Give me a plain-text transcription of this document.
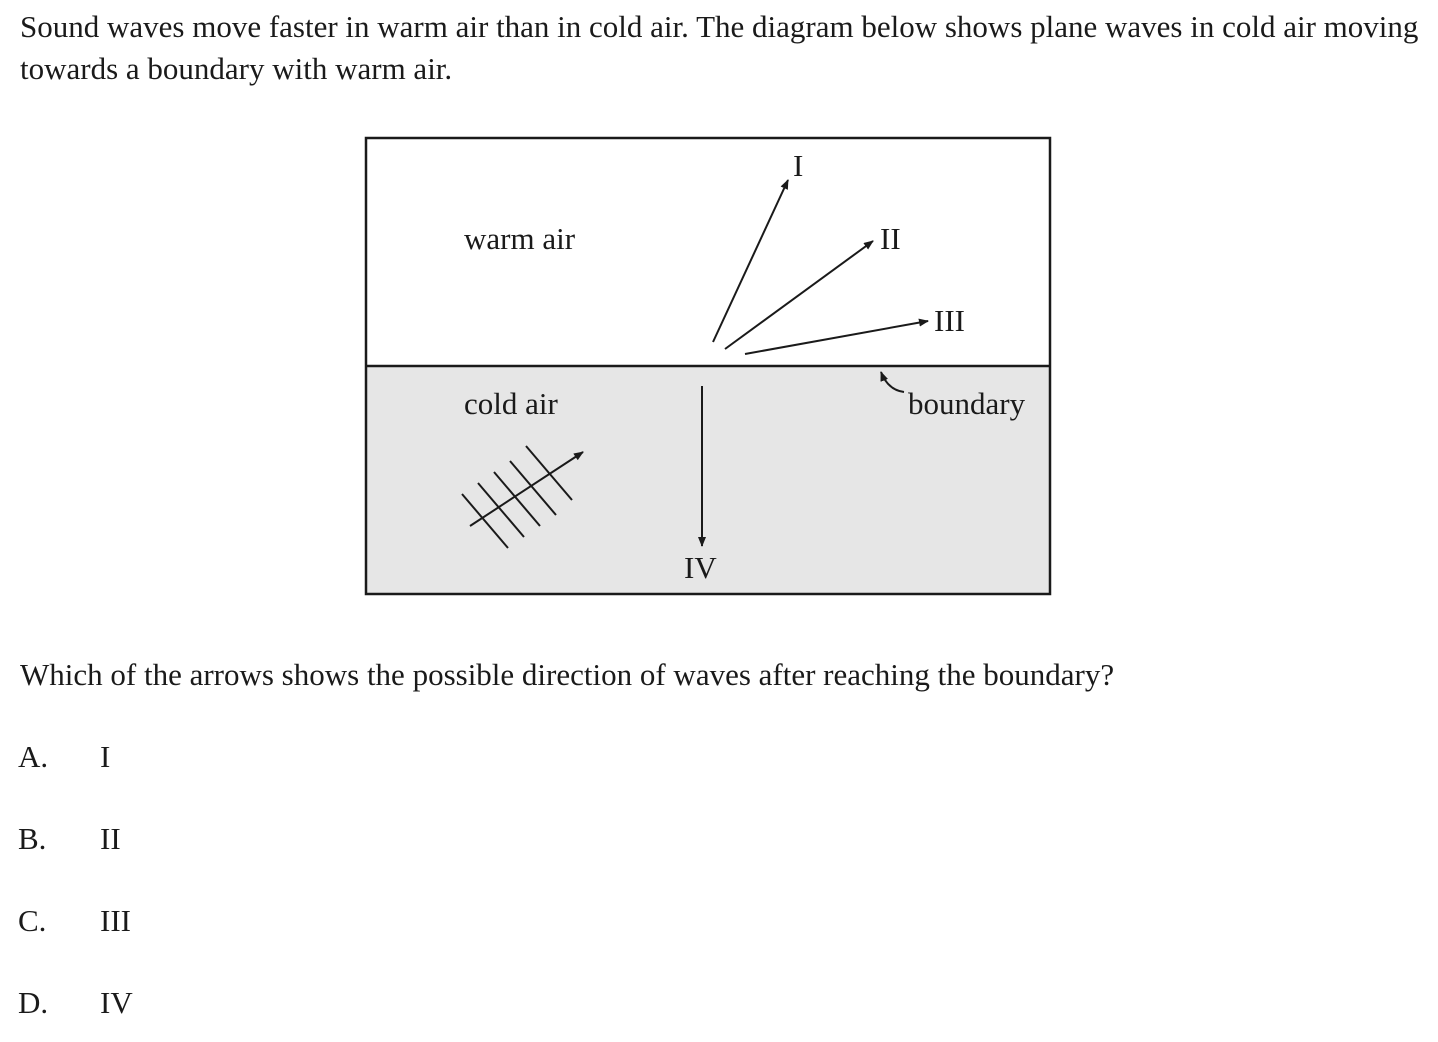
Sound waves move faster in warm air than in cold air. The diagram below shows plane waves in cold air moving towards a boundary with warm air.

warm air
cold air
I
II
III
IV
boundary

Which of the arrows shows the possible direction of waves after reaching the boundary?

A. I
B. II
C. III
D. IV
